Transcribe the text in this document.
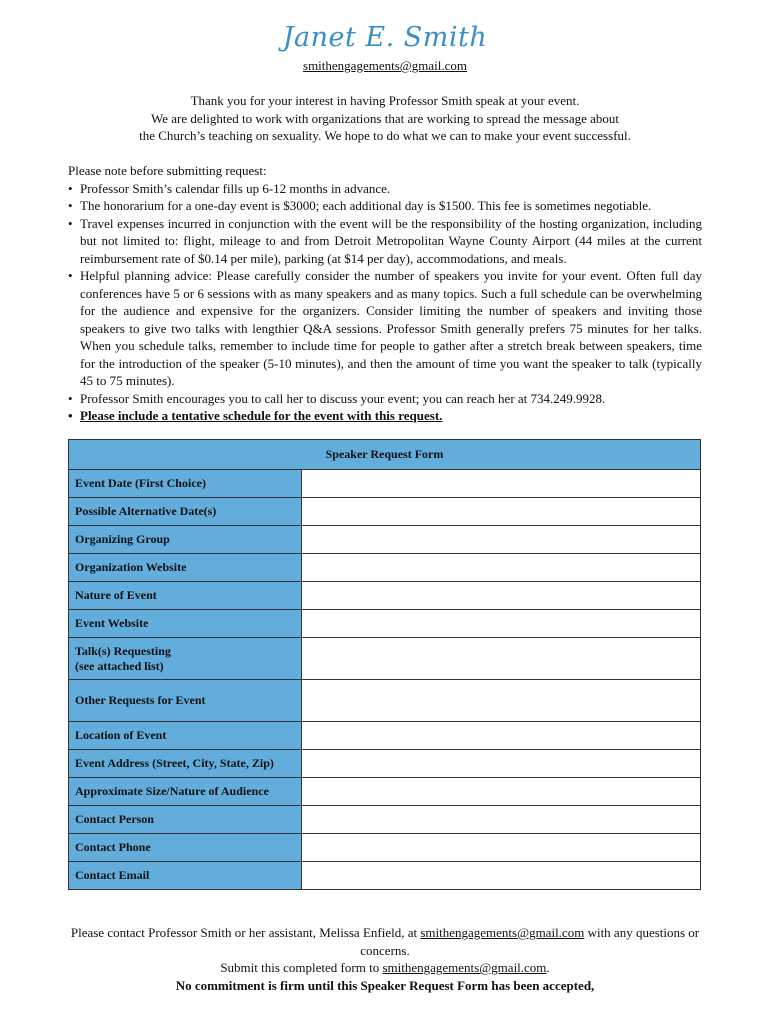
Janet E. Smith
smithengagements@gmail.com
Thank you for your interest in having Professor Smith speak at your event.
We are delighted to work with organizations that are working to spread the message about
the Church’s teaching on sexuality. We hope to do what we can to make your event successful.

Please note before submitting request:

• Professor Smith’s calendar fills up 6-12 months in advance.
• The honorarium for a one-day event is $3000; each additional day is $1500. This fee is sometimes negotiable.
• Travel expenses incurred in conjunction with the event will be the responsibility of the hosting organization, including but not limited to: flight, mileage to and from Detroit Metropolitan Wayne County Airport (44 miles at the current reimbursement rate of $0.14 per mile), parking (at $14 per day), accommodations, and meals.
• Helpful planning advice: Please carefully consider the number of speakers you invite for your event. Often full day conferences have 5 or 6 sessions with as many speakers and as many topics. Such a full schedule can be overwhelming for the audience and expensive for the organizers. Consider limiting the number of speakers and inviting those speakers to give two talks with lengthier Q&A sessions. Professor Smith generally prefers 75 minutes for her talks. When you schedule talks, remember to include time for people to gather after a stretch break between speakers, time for the introduction of the speaker (5-10 minutes), and then the amount of time you want the speaker to talk (typically 45 to 75 minutes).
• Professor Smith encourages you to call her to discuss your event; you can reach her at 734.249.9928.
• Please include a tentative schedule for the event with this request.
Speaker Request Form	
Event Date (First Choice)	
Possible Alternative Date(s)	
Organizing Group	
Organization Website	
Nature of Event	
Event Website	

Talk(s) Requesting
(see attached list)	

Other Requests for Event	
Location of Event	
Event Address (Street, City, State, Zip)	
Approximate Size/Nature of Audience	
Contact Person	
Contact Phone	
Contact Email	

Please contact Professor Smith or her assistant, Melissa Enfield, at smithengagements@gmail.com with any questions or concerns.

Submit this completed form to smithengagements@gmail.com.

No commitment is firm until this Speaker Request Form has been accepted,
